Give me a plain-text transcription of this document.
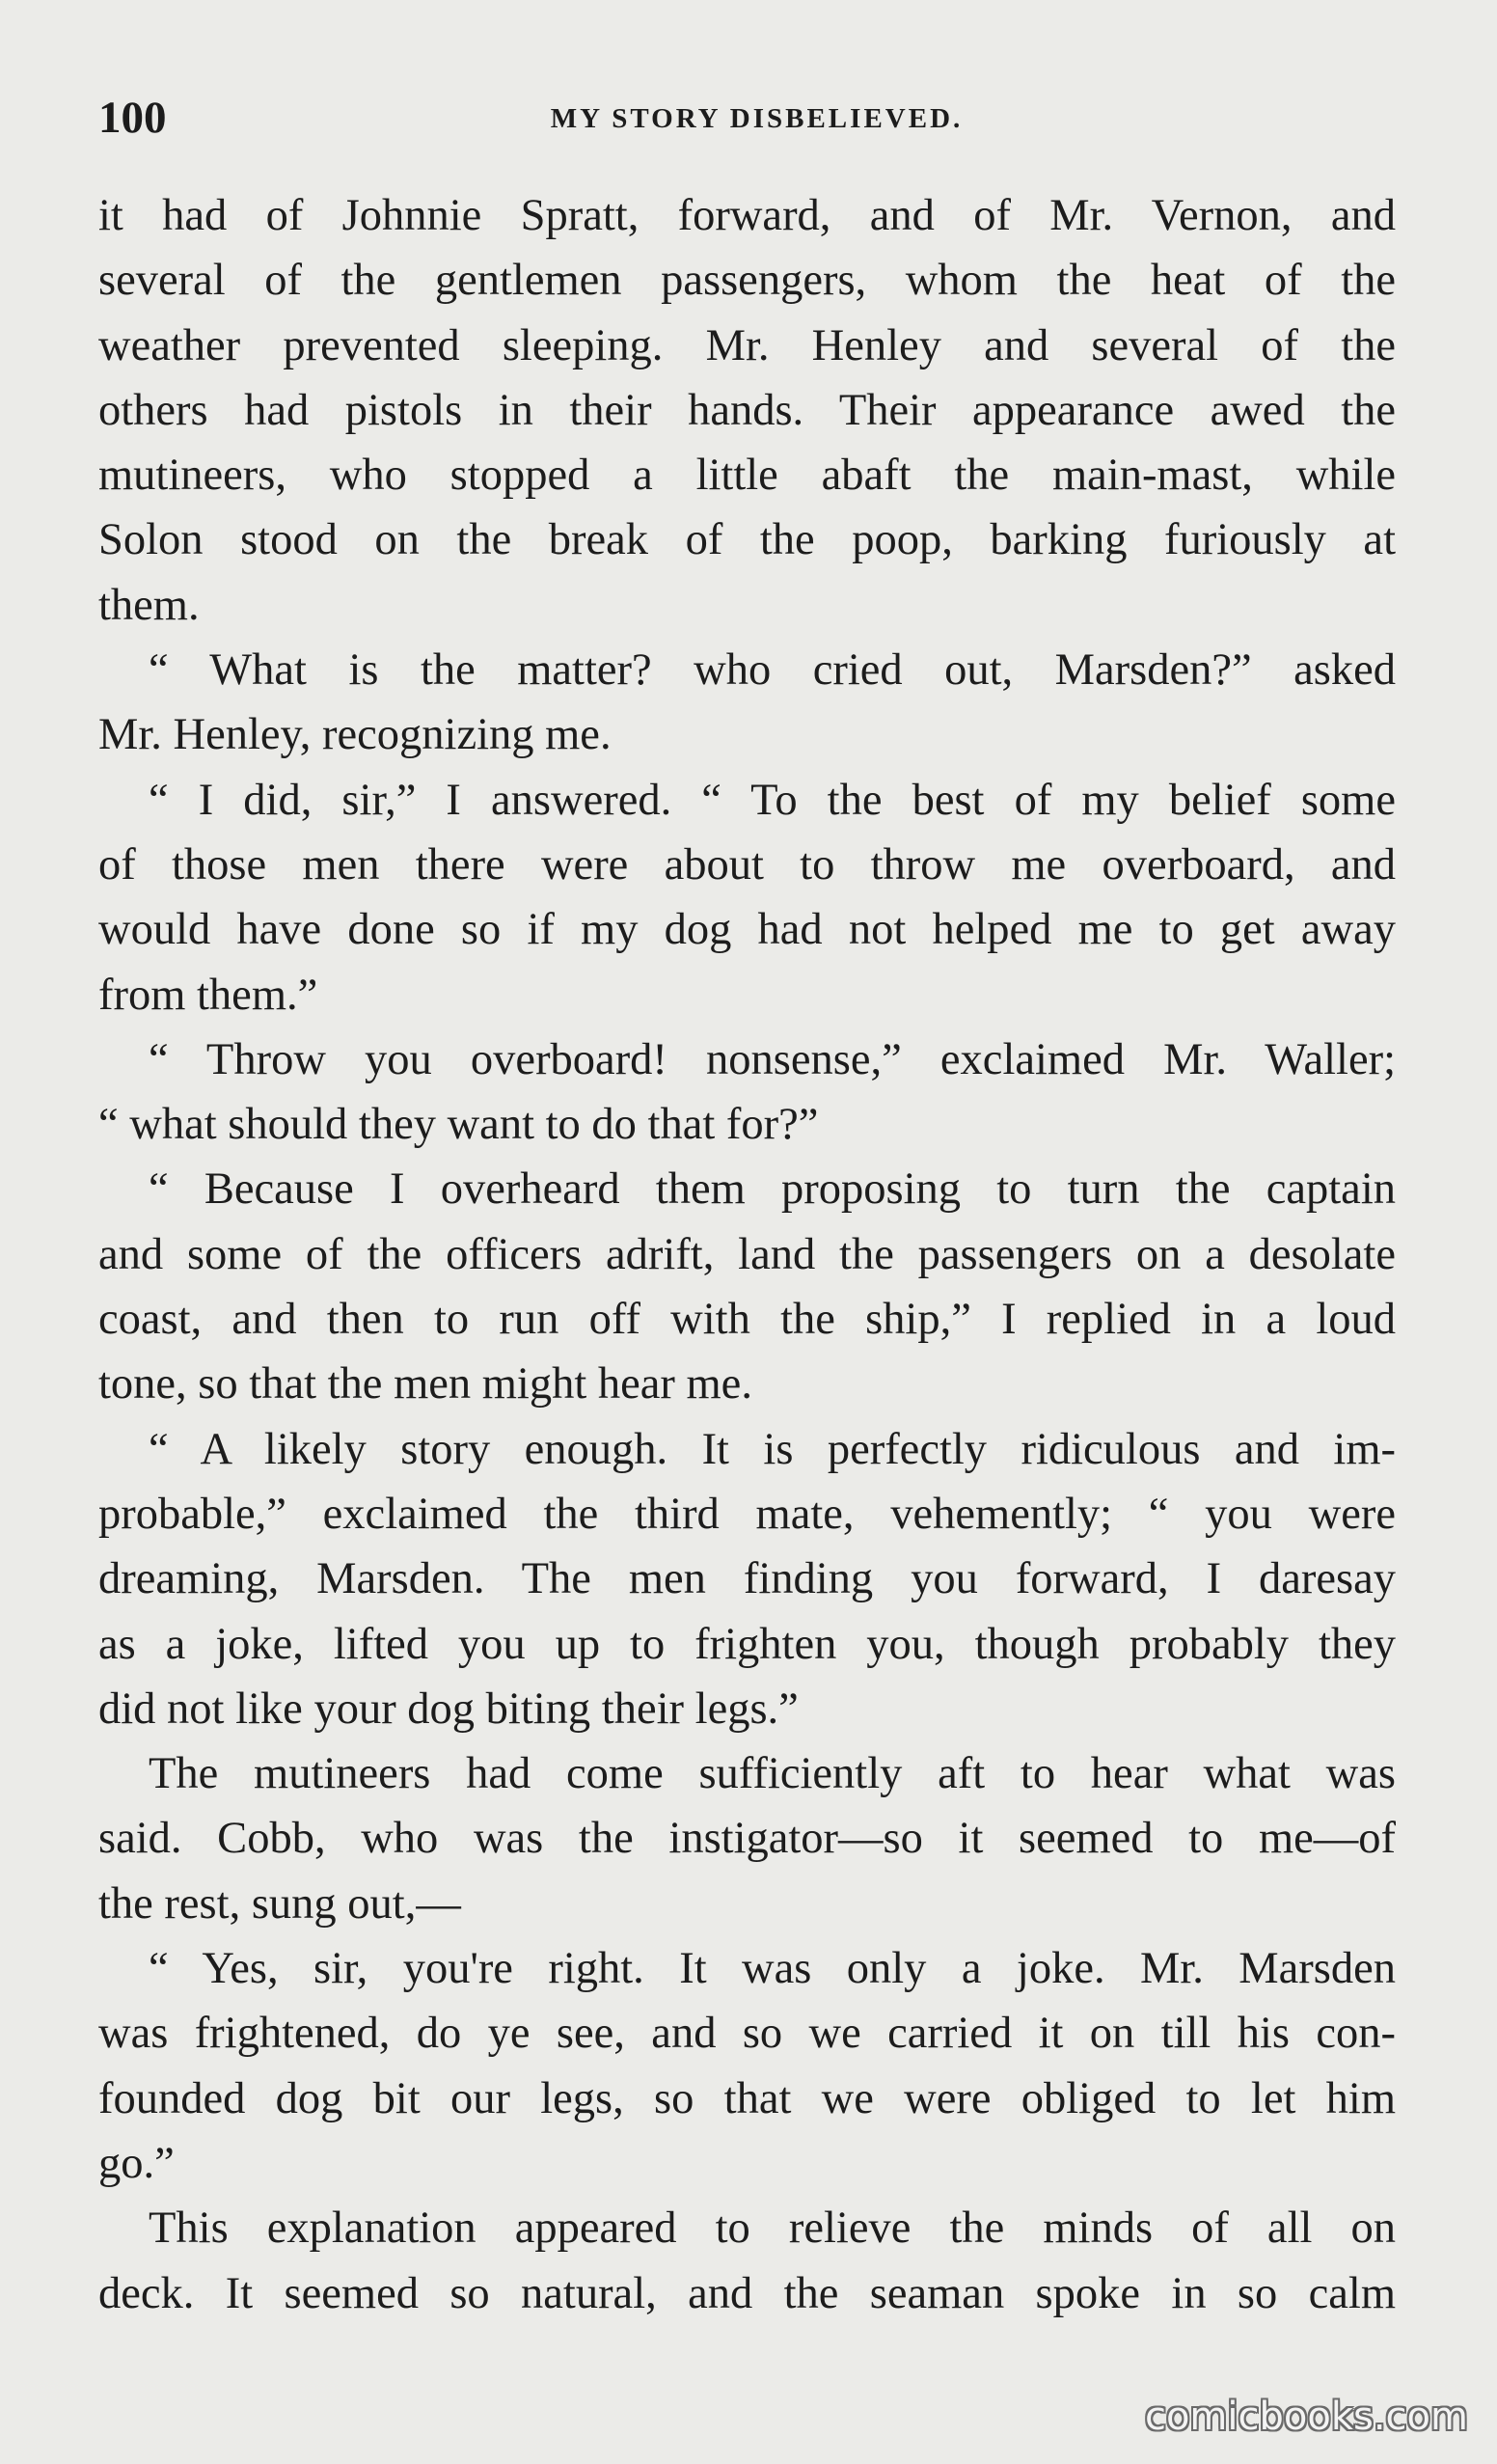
100	MY STORY DISBELIEVED.
it had of Johnnie Spratt, forward, and of Mr. Vernon, and
several of the gentlemen passengers, whom the heat of the
weather prevented sleeping. Mr. Henley and several of the
others had pistols in their hands. Their appearance awed the
mutineers, who stopped a little abaft the main-mast, while
Solon stood on the break of the poop, barking furiously at
them.
“ What is the matter? who cried out, Marsden?” asked
Mr. Henley, recognizing me.
“ I did, sir,” I answered. “ To the best of my belief some
of those men there were about to throw me overboard, and
would have done so if my dog had not helped me to get away
from them.”
“ Throw you overboard! nonsense,” exclaimed Mr. Waller;
“ what should they want to do that for?”
“ Because I overheard them proposing to turn the captain
and some of the officers adrift, land the passengers on a desolate
coast, and then to run off with the ship,” I replied in a loud
tone, so that the men might hear me.
“ A likely story enough. It is perfectly ridiculous and im-
probable,” exclaimed the third mate, vehemently; “ you were
dreaming, Marsden. The men finding you forward, I daresay
as a joke, lifted you up to frighten you, though probably they
did not like your dog biting their legs.”
The mutineers had come sufficiently aft to hear what was
said. Cobb, who was the instigator—so it seemed to me—of
the rest, sung out,—
“ Yes, sir, you're right. It was only a joke. Mr. Marsden
was frightened, do ye see, and so we carried it on till his con-
founded dog bit our legs, so that we were obliged to let him
go.”
This explanation appeared to relieve the minds of all on
deck. It seemed so natural, and the seaman spoke in so calm
comicbooks.com
